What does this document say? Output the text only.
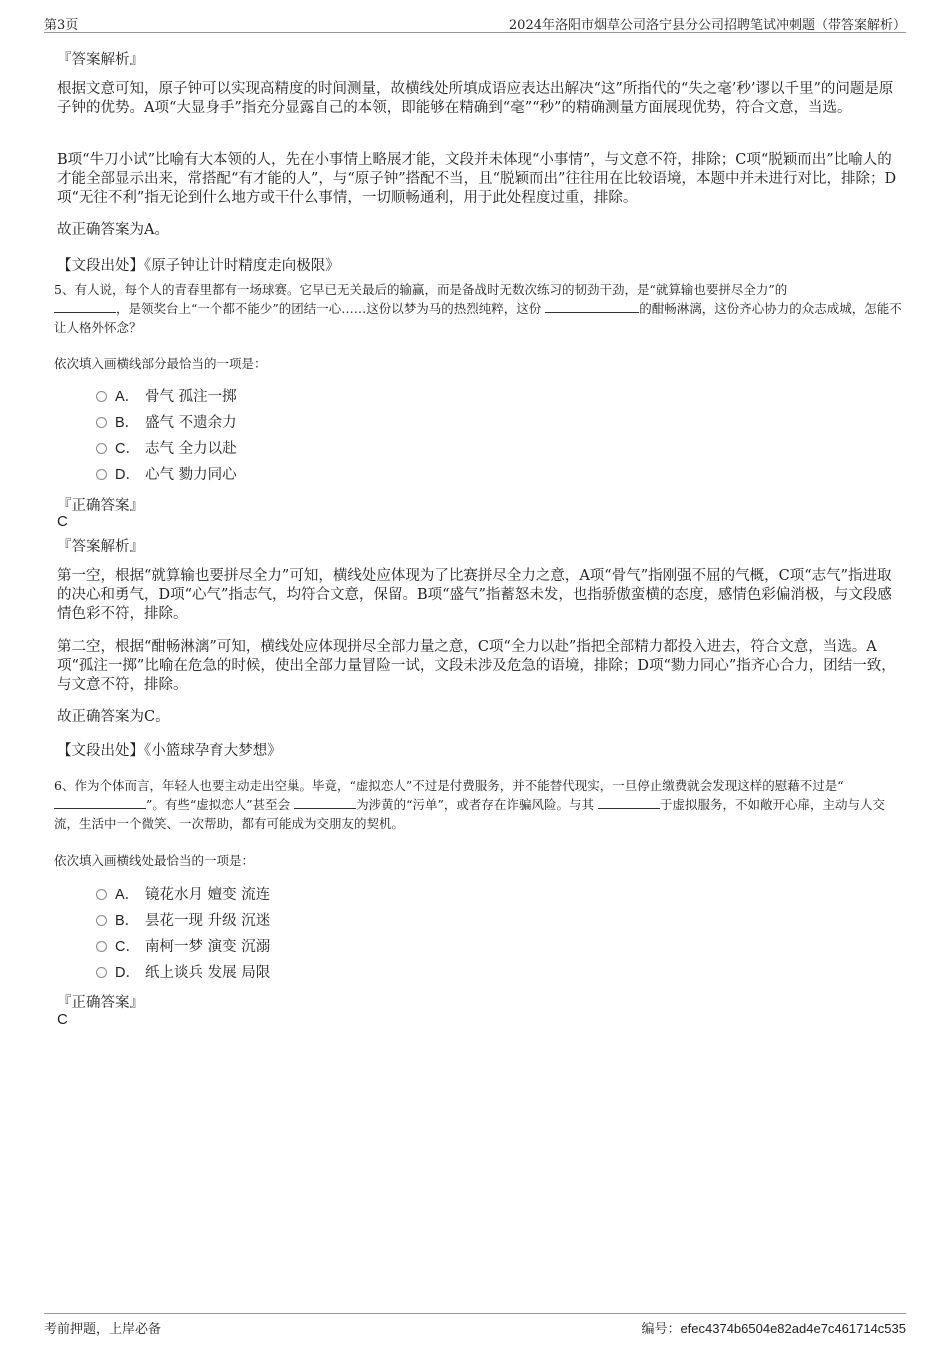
第3页	2024年洛阳市烟草公司洛宁县分公司招聘笔试冲刺题（带答案解析）
『答案解析』
根据文意可知，原子钟可以实现高精度的时间测量，故横线处所填成语应表达出解决“这”所指代的“失之毫’秒’谬以千里”的问题是原子钟的优势。A项“大显身手”指充分显露自己的本领，即能够在精确到“毫”“秒”的精确测量方面展现优势，符合文意，当选。
B项“牛刀小试”比喻有大本领的人，先在小事情上略展才能，文段并未体现“小事情”，与文意不符，排除；C项“脱颖而出”比喻人的才能全部显示出来，常搭配“有才能的人”，与“原子钟”搭配不当，且“脱颖而出”往往用在比较语境，本题中并未进行对比，排除；D项“无往不利”指无论到什么地方或干什么事情，一切顺畅通利，用于此处程度过重，排除。
故正确答案为A。
【文段出处】《原子钟让计时精度走向极限》
5、有人说，每个人的青春里都有一场球赛。它早已无关最后的输赢，而是备战时无数次练习的韧劲干劲，是“就算输也要拼尽全力”的
，是领奖台上“一个都不能少”的团结一心……这份以梦为马的热烈纯粹，这份	的酣畅淋漓，这份齐心协力的众志成城，怎能不让人格外怀念？
依次填入画横线部分最恰当的一项是：
A． 骨气 孤注一掷
B． 盛气 不遗余力
C． 志气 全力以赴
D． 心气 勠力同心
『正确答案』
C
『答案解析』
第一空，根据“就算输也要拼尽全力”可知，横线处应体现为了比赛拼尽全力之意，A项“骨气”指刚强不屈的气概，C项“志气”指进取的决心和勇气，D项“心气”指志气，均符合文意，保留。B项“盛气”指蓄怒未发，也指骄傲蛮横的态度，感情色彩偏消极，与文段感情色彩不符，排除。
第二空，根据“酣畅淋漓”可知，横线处应体现拼尽全部力量之意，C项“全力以赴”指把全部精力都投入进去，符合文意，当选。A项“孤注一掷”比喻在危急的时候，使出全部力量冒险一试，文段未涉及危急的语境，排除；D项“勠力同心”指齐心合力，团结一致，与文意不符，排除。
故正确答案为C。
【文段出处】《小篮球孕育大梦想》
6、作为个体而言，年轻人也要主动走出空巢。毕竟，“虚拟恋人”不过是付费服务，并不能替代现实，一旦停止缴费就会发现这样的慰藉不过是“
”。有些“虚拟恋人”甚至会	为涉黄的“污单”，或者存在诈骗风险。与其	于虚拟服务，不如敞开心扉，主动与人交流，生活中一个微笑、一次帮助，都有可能成为交朋友的契机。
依次填入画横线处最恰当的一项是：
A． 镜花水月 嬗变 流连
B． 昙花一现 升级 沉迷
C． 南柯一梦 演变 沉溺
D． 纸上谈兵 发展 局限
『正确答案』
C
考前押题，上岸必备	编号：efec4374b6504e82ad4e7c461714c535
